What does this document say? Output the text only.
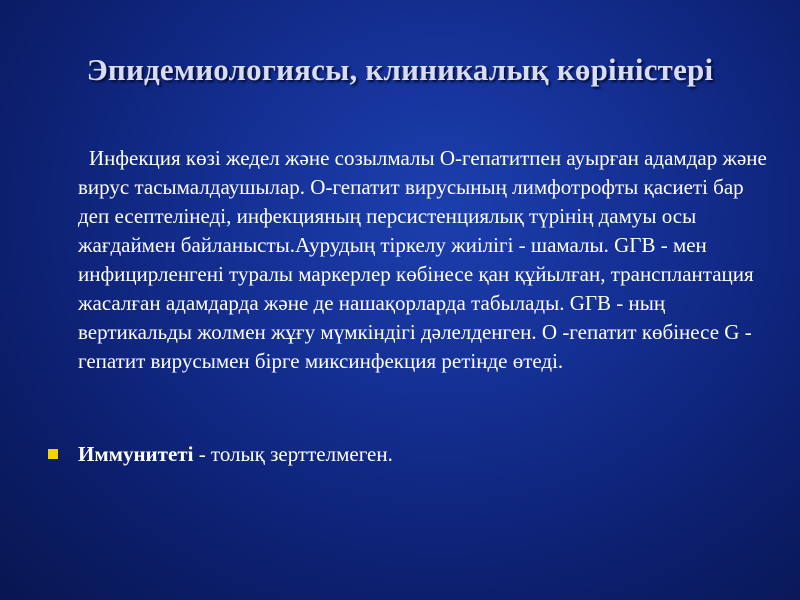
Эпидемиологиясы, клиникалық көріністері

Инфекция көзі жедел және созылмалы О-гепатитпен ауырған адамдар және вирус тасымалдаушылар. О-гепатит вирусының лимфотрофты қасиеті бар деп есептелінеді, инфекцияның персистенциялық түрінің дамуы осы жағдаймен байланысты.Аурудың тіркелу жиілігі - шамалы. GГВ - мен инфицирленгені туралы маркерлер көбінесе қан құйылған, трансплантация жасалған адамдарда және де нашақорларда табылады. GГВ - ның вертикальды жолмен жұғу мүмкіндігі дәлелденген. О -гепатит көбінесе G - гепатит вирусымен бірге миксинфекция ретінде өтеді.

Иммунитеті - толық зерттелмеген.
